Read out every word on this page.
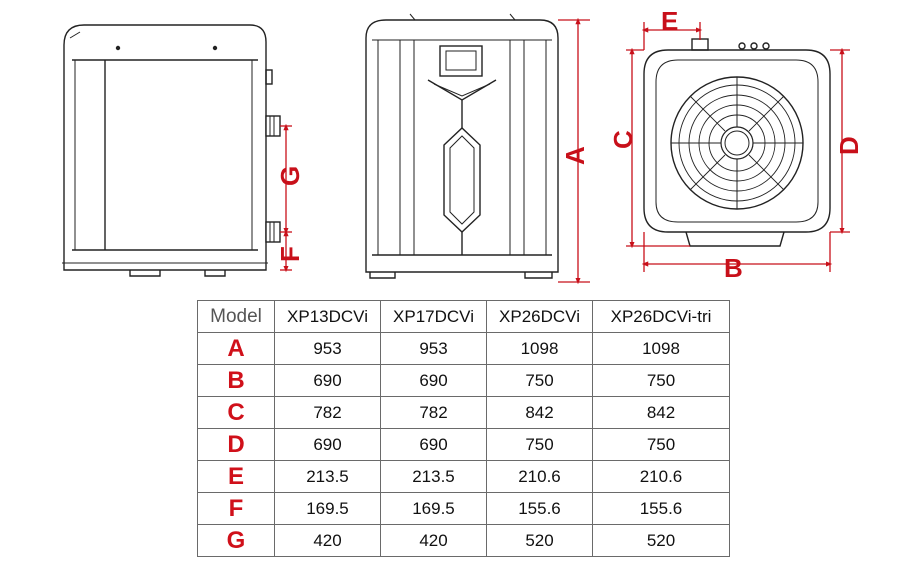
G
F
A
E
C	D
B
Model	XP13DCVi	XP17DCVi	XP26DCVi	XP26DCVi-tri
A	953	953	1098	1098
B	690	690	750	750
C	782	782	842	842
D	690	690	750	750
E	213.5	213.5	210.6	210.6
F	169.5	169.5	155.6	155.6
G	420	420	520	520
